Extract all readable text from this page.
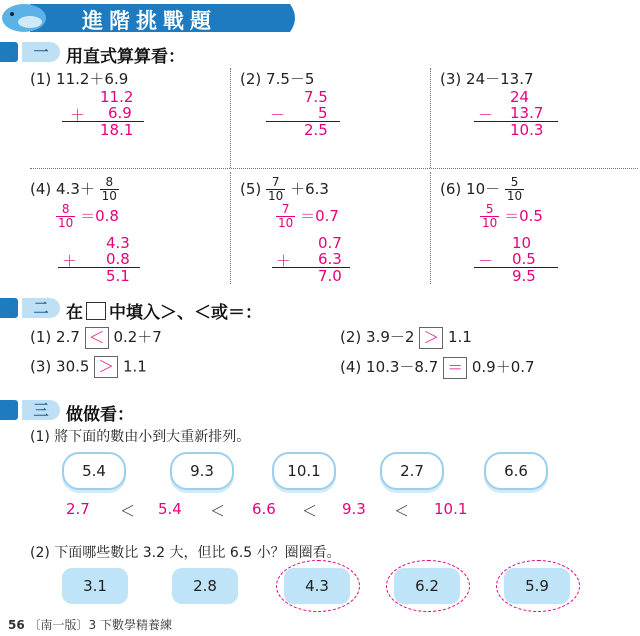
進階挑戰題
一	用直式算算看：
(1) 11.2＋6.9
11.2
＋ 6.9
18.1
(2) 7.5－5
7.5
－ 5
2.5
(3) 24－13.7
24
－ 13.7
10.3
(4) $4.3+ \frac{8}{10}$
$\frac{8}{10} =0.8$
4.3
＋ 0.8
5.1
$(5) \frac{7}{10} +6.3$
$\frac{7}{10} =0.7$
0.7
＋ 6.3
7.0
(6) $10- \frac{5}{10}$
$\frac{5}{10} =0.5$
10
－ 0.5
9.5
二	在 中填入＞、＜或＝：
(1) 2.7 ＜ 0.2＋7	(2) 3.9－2 ＞ 1.1
(3) 30.5 ＞ 1.1	(4) 10.3－8.7 ＝ 0.9＋0.7
三	做做看：
(1) 將下面的數由小到大重新排列。
5.4	9.3	10.1	2.7	6.6
2.7 ＜ 5.4 ＜ 6.6 ＜ 9.3 ＜ 10.1
(2) 下面哪些數比 3.2 大，但比 6.5 小？圈圈看。
3.1	2.8	4.3	6.2	5.9
56 〔南一版〕3 下數學精養練
